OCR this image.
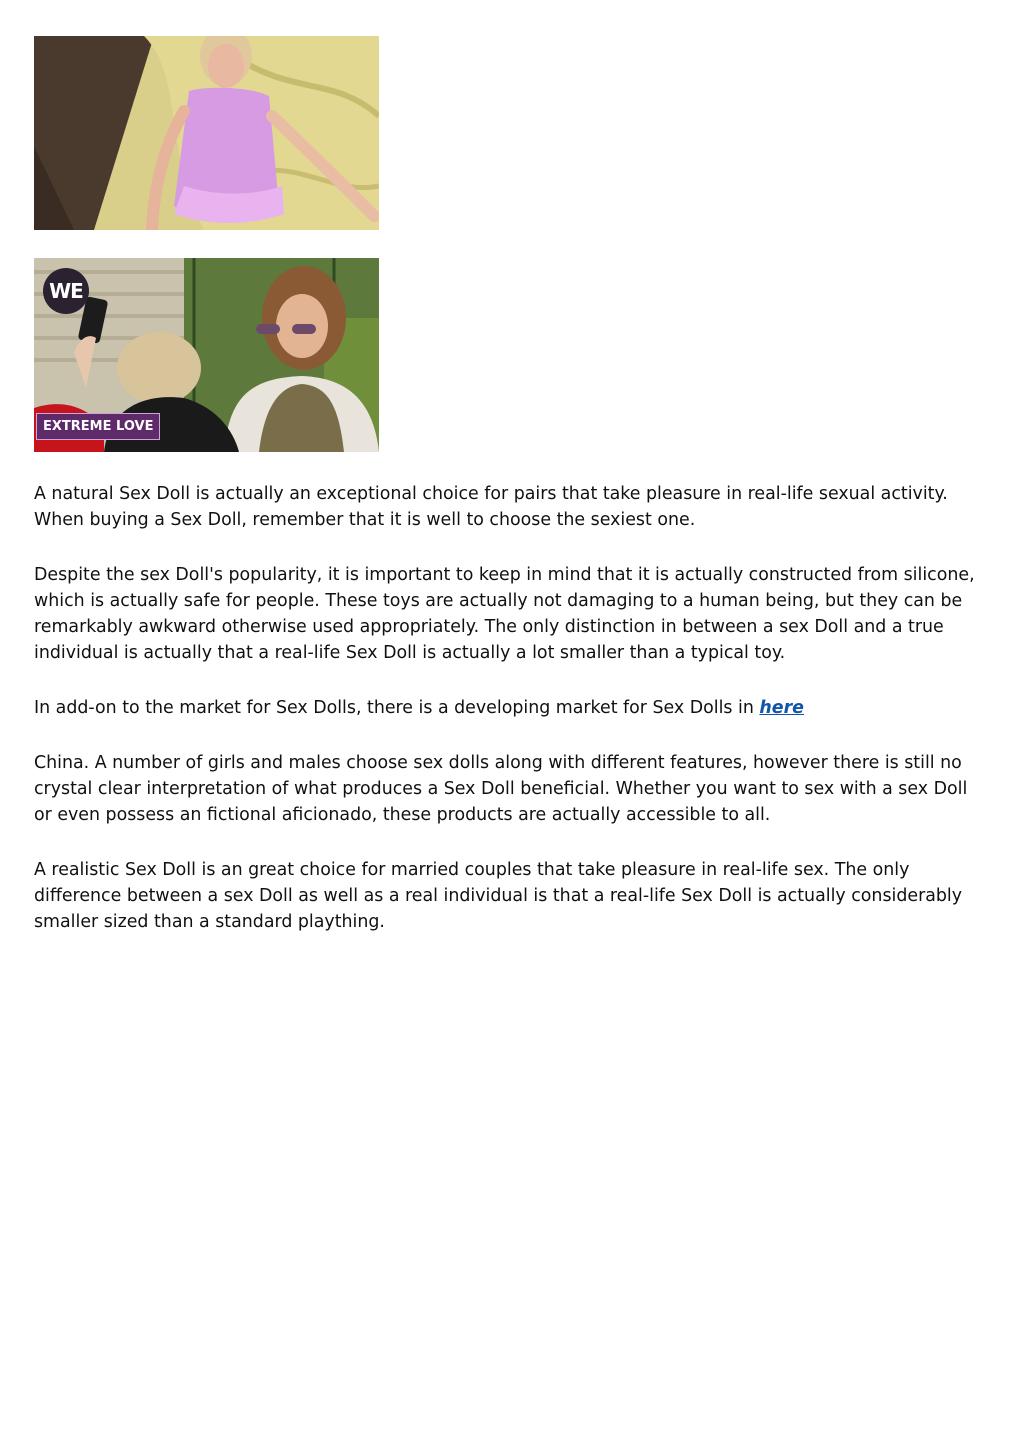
WE
EXTREME LOVE

A natural Sex Doll is actually an exceptional choice for pairs that take pleasure in real-life sexual activity. When buying a Sex Doll, remember that it is well to choose the sexiest one.

Despite the sex Doll's popularity, it is important to keep in mind that it is actually constructed from silicone, which is actually safe for people. These toys are actually not damaging to a human being, but they can be remarkably awkward otherwise used appropriately. The only distinction in between a sex Doll and a true individual is actually that a real-life Sex Doll is actually a lot smaller than a typical toy.

In add-on to the market for Sex Dolls, there is a developing market for Sex Dolls in here

China. A number of girls and males choose sex dolls along with different features, however there is still no crystal clear interpretation of what produces a Sex Doll beneficial. Whether you want to sex with a sex Doll or even possess an fictional aficionado, these products are actually accessible to all.

A realistic Sex Doll is an great choice for married couples that take pleasure in real-life sex. The only difference between a sex Doll as well as a real individual is that a real-life Sex Doll is actually considerably smaller sized than a standard plaything.
